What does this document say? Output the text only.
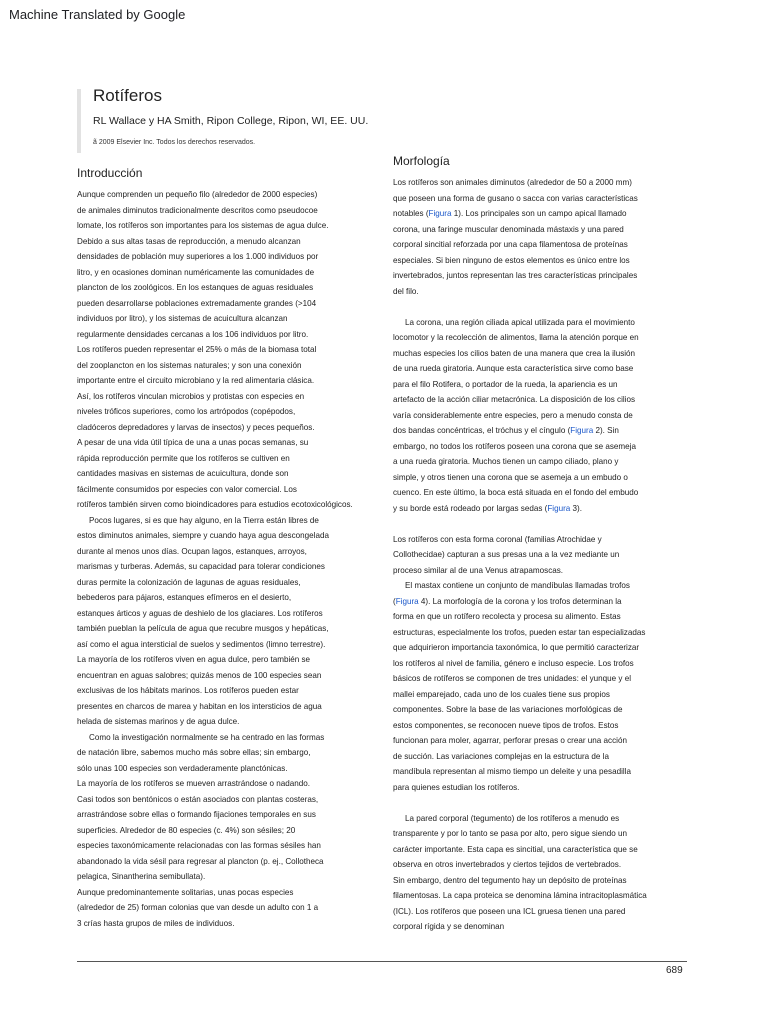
Machine Translated by Google
Rotíferos
RL Wallace y HA Smith, Ripon College, Ripon, WI, EE. UU.
ã 2009 Elsevier Inc. Todos los derechos reservados.
Introducción
Morfología
Aunque comprenden un pequeño filo (alrededor de 2000 especies)
de animales diminutos tradicionalmente descritos como pseudocoe
lomate, los rotíferos son importantes para los sistemas de agua dulce.
Debido a sus altas tasas de reproducción, a menudo alcanzan
densidades de población muy superiores a los 1.000 individuos por
litro, y en ocasiones dominan numéricamente las comunidades de
plancton de los zoológicos. En los estanques de aguas residuales
pueden desarrollarse poblaciones extremadamente grandes (>104
individuos por litro), y los sistemas de acuicultura alcanzan
regularmente densidades cercanas a los 106 individuos por litro.
Los rotíferos pueden representar el 25% o más de la biomasa total
del zooplancton en los sistemas naturales; y son una conexión
importante entre el circuito microbiano y la red alimentaria clásica.
Así, los rotíferos vinculan microbios y protistas con especies en
niveles tróficos superiores, como los artrópodos (copépodos,
cladóceros depredadores y larvas de insectos) y peces pequeños.
A pesar de una vida útil típica de una a unas pocas semanas, su
rápida reproducción permite que los rotíferos se cultiven en
cantidades masivas en sistemas de acuicultura, donde son
fácilmente consumidos por especies con valor comercial. Los
rotíferos también sirven como bioindicadores para estudios ecotoxicológicos.
Pocos lugares, si es que hay alguno, en la Tierra están libres de
estos diminutos animales, siempre y cuando haya agua descongelada
durante al menos unos días. Ocupan lagos, estanques, arroyos,
marismas y turberas. Además, su capacidad para tolerar condiciones
duras permite la colonización de lagunas de aguas residuales,
bebederos para pájaros, estanques efímeros en el desierto,
estanques árticos y aguas de deshielo de los glaciares. Los rotíferos
también pueblan la película de agua que recubre musgos y hepáticas,
así como el agua intersticial de suelos y sedimentos (limno terrestre).
La mayoría de los rotíferos viven en agua dulce, pero también se
encuentran en aguas salobres; quizás menos de 100 especies sean
exclusivas de los hábitats marinos. Los rotíferos pueden estar
presentes en charcos de marea y habitan en los intersticios de agua
helada de sistemas marinos y de agua dulce.
Como la investigación normalmente se ha centrado en las formas
de natación libre, sabemos mucho más sobre ellas; sin embargo,
sólo unas 100 especies son verdaderamente planctónicas.
La mayoría de los rotíferos se mueven arrastrándose o nadando.
Casi todos son bentónicos o están asociados con plantas costeras,
arrastrándose sobre ellas o formando fijaciones temporales en sus
superficies. Alrededor de 80 especies (c. 4%) son sésiles; 20
especies taxonómicamente relacionadas con las formas sésiles han
abandonado la vida sésil para regresar al plancton (p. ej., Collotheca
pelagica, Sinantherina semibullata).
Aunque predominantemente solitarias, unas pocas especies
(alrededor de 25) forman colonias que van desde un adulto con 1 a
3 crías hasta grupos de miles de individuos.
Los rotíferos son animales diminutos (alrededor de 50 a 2000 mm)
que poseen una forma de gusano o sacca con varias características
notables (Figura 1). Los principales son un campo apical llamado
corona, una faringe muscular denominada mástaxis y una pared
corporal sincitial reforzada por una capa filamentosa de proteínas
especiales. Si bien ninguno de estos elementos es único entre los
invertebrados, juntos representan las tres características principales
del filo.
La corona, una región ciliada apical utilizada para el movimiento
locomotor y la recolección de alimentos, llama la atención porque en
muchas especies los cilios baten de una manera que crea la ilusión
de una rueda giratoria. Aunque esta característica sirve como base
para el filo Rotifera, o portador de la rueda, la apariencia es un
artefacto de la acción ciliar metacrónica. La disposición de los cilios
varía considerablemente entre especies, pero a menudo consta de
dos bandas concéntricas, el tróchus y el cíngulo (Figura 2). Sin
embargo, no todos los rotíferos poseen una corona que se asemeja
a una rueda giratoria. Muchos tienen un campo ciliado, plano y
simple, y otros tienen una corona que se asemeja a un embudo o
cuenco. En este último, la boca está situada en el fondo del embudo
y su borde está rodeado por largas sedas (Figura 3).
Los rotíferos con esta forma coronal (familias Atrochidae y
Collothecidae) capturan a sus presas una a la vez mediante un
proceso similar al de una Venus atrapamoscas.
El mastax contiene un conjunto de mandíbulas llamadas trofos
(Figura 4). La morfología de la corona y los trofos determinan la
forma en que un rotífero recolecta y procesa su alimento. Estas
estructuras, especialmente los trofos, pueden estar tan especializadas
que adquirieron importancia taxonómica, lo que permitió caracterizar
los rotíferos al nivel de familia, género e incluso especie. Los trofos
básicos de rotíferos se componen de tres unidades: el yunque y el
mallei emparejado, cada uno de los cuales tiene sus propios
componentes. Sobre la base de las variaciones morfológicas de
estos componentes, se reconocen nueve tipos de trofos. Estos
funcionan para moler, agarrar, perforar presas o crear una acción
de succión. Las variaciones complejas en la estructura de la
mandíbula representan al mismo tiempo un deleite y una pesadilla
para quienes estudian los rotíferos.
La pared corporal (tegumento) de los rotíferos a menudo es
transparente y por lo tanto se pasa por alto, pero sigue siendo un
carácter importante. Esta capa es sincitial, una característica que se
observa en otros invertebrados y ciertos tejidos de vertebrados.
Sin embargo, dentro del tegumento hay un depósito de proteínas
filamentosas. La capa proteica se denomina lámina intracitoplasmática
(ICL). Los rotíferos que poseen una ICL gruesa tienen una pared
corporal rígida y se denominan
689
